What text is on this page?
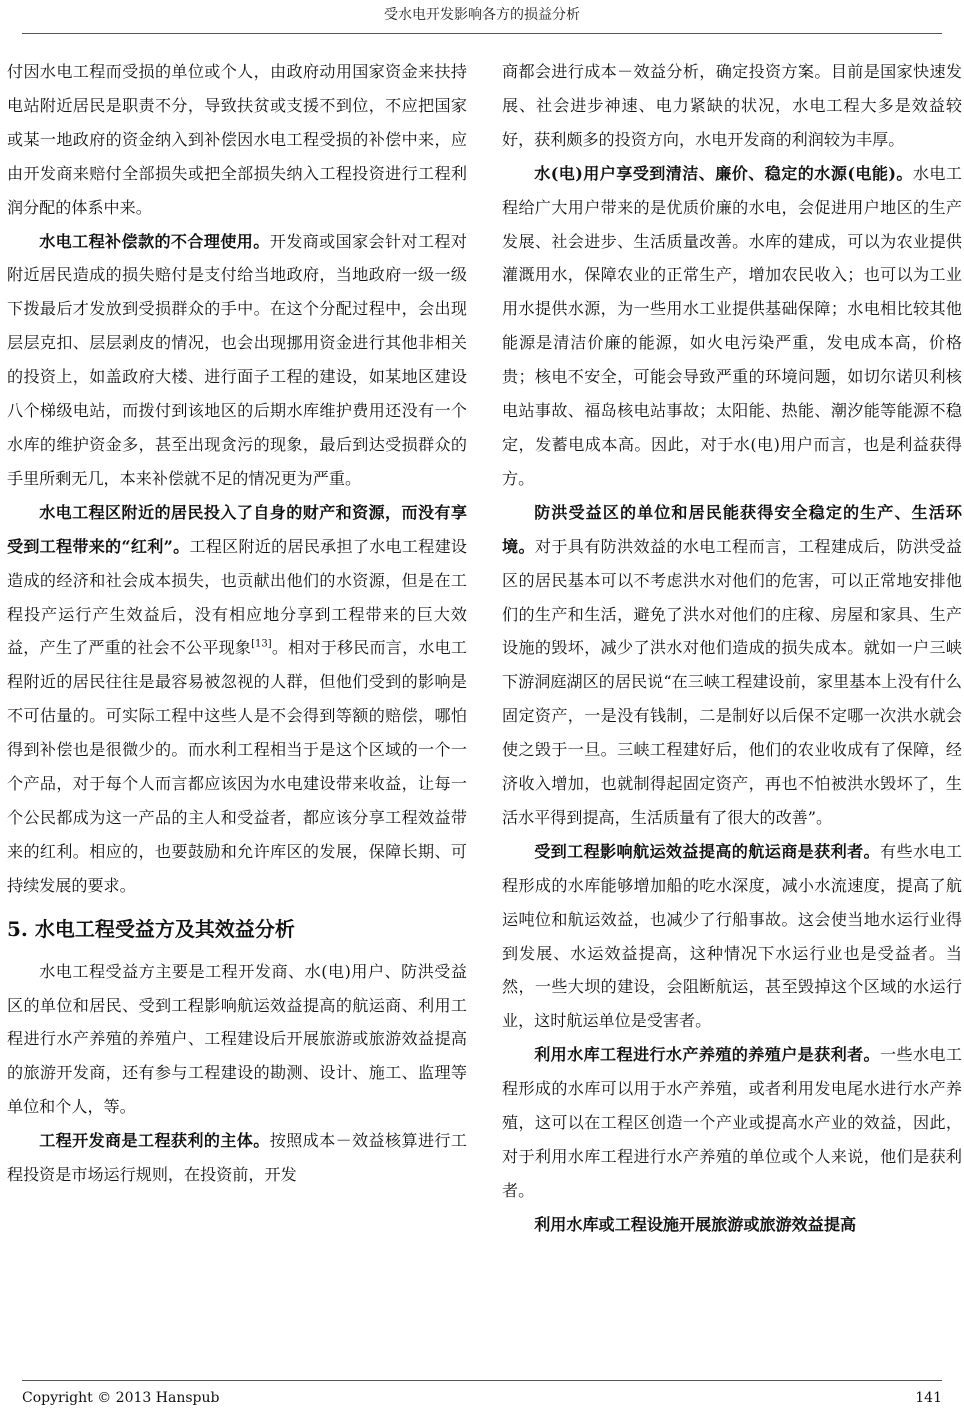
受水电开发影响各方的损益分析

付因水电工程而受损的单位或个人，由政府动用国家资金来扶持电站附近居民是职责不分，导致扶贫或支援不到位，不应把国家或某一地政府的资金纳入到补偿因水电工程受损的补偿中来，应由开发商来赔付全部损失或把全部损失纳入工程投资进行工程利润分配的体系中来。

水电工程补偿款的不合理使用。开发商或国家会针对工程对附近居民造成的损失赔付是支付给当地政府，当地政府一级一级下拨最后才发放到受损群众的手中。在这个分配过程中，会出现层层克扣、层层剥皮的情况，也会出现挪用资金进行其他非相关的投资上，如盖政府大楼、进行面子工程的建设，如某地区建设八个梯级电站，而拨付到该地区的后期水库维护费用还没有一个水库的维护资金多，甚至出现贪污的现象，最后到达受损群众的手里所剩无几，本来补偿就不足的情况更为严重。

水电工程区附近的居民投入了自身的财产和资源，而没有享受到工程带来的“红利”。工程区附近的居民承担了水电工程建设造成的经济和社会成本损失，也贡献出他们的水资源，但是在工程投产运行产生效益后，没有相应地分享到工程带来的巨大效益，产生了严重的社会不公平现象[13]。相对于移民而言，水电工程附近的居民往往是最容易被忽视的人群，但他们受到的影响是不可估量的。可实际工程中这些人是不会得到等额的赔偿，哪怕得到补偿也是很微少的。而水利工程相当于是这个区域的一个一个产品，对于每个人而言都应该因为水电建设带来收益，让每一个公民都成为这一产品的主人和受益者，都应该分享工程效益带来的红利。相应的，也要鼓励和允许库区的发展，保障长期、可持续发展的要求。

5. 水电工程受益方及其效益分析

水电工程受益方主要是工程开发商、水(电)用户、防洪受益区的单位和居民、受到工程影响航运效益提高的航运商、利用工程进行水产养殖的养殖户、工程建设后开展旅游或旅游效益提高的旅游开发商，还有参与工程建设的勘测、设计、施工、监理等单位和个人，等。

工程开发商是工程获利的主体。按照成本－效益核算进行工程投资是市场运行规则，在投资前，开发

商都会进行成本－效益分析，确定投资方案。目前是国家快速发展、社会进步神速、电力紧缺的状况，水电工程大多是效益较好，获利颇多的投资方向，水电开发商的利润较为丰厚。

水(电)用户享受到清洁、廉价、稳定的水源(电能)。水电工程给广大用户带来的是优质价廉的水电，会促进用户地区的生产发展、社会进步、生活质量改善。水库的建成，可以为农业提供灌溉用水，保障农业的正常生产，增加农民收入；也可以为工业用水提供水源，为一些用水工业提供基础保障；水电相比较其他能源是清洁价廉的能源，如火电污染严重，发电成本高，价格贵；核电不安全，可能会导致严重的环境问题，如切尔诺贝利核电站事故、福岛核电站事故；太阳能、热能、潮汐能等能源不稳定，发蓄电成本高。因此，对于水(电)用户而言，也是利益获得方。

防洪受益区的单位和居民能获得安全稳定的生产、生活环境。对于具有防洪效益的水电工程而言，工程建成后，防洪受益区的居民基本可以不考虑洪水对他们的危害，可以正常地安排他们的生产和生活，避免了洪水对他们的庄稼、房屋和家具、生产设施的毁坏，减少了洪水对他们造成的损失成本。就如一户三峡下游洞庭湖区的居民说“在三峡工程建设前，家里基本上没有什么固定资产，一是没有钱制，二是制好以后保不定哪一次洪水就会使之毁于一旦。三峡工程建好后，他们的农业收成有了保障，经济收入增加，也就制得起固定资产，再也不怕被洪水毁坏了，生活水平得到提高，生活质量有了很大的改善”。

受到工程影响航运效益提高的航运商是获利者。有些水电工程形成的水库能够增加船的吃水深度，减小水流速度，提高了航运吨位和航运效益，也减少了行船事故。这会使当地水运行业得到发展、水运效益提高，这种情况下水运行业也是受益者。当然，一些大坝的建设，会阻断航运，甚至毁掉这个区域的水运行业，这时航运单位是受害者。

利用水库工程进行水产养殖的养殖户是获利者。一些水电工程形成的水库可以用于水产养殖，或者利用发电尾水进行水产养殖，这可以在工程区创造一个产业或提高水产业的效益，因此，对于利用水库工程进行水产养殖的单位或个人来说，他们是获利者。

利用水库或工程设施开展旅游或旅游效益提高

Copyright © 2013 Hanspub	141
